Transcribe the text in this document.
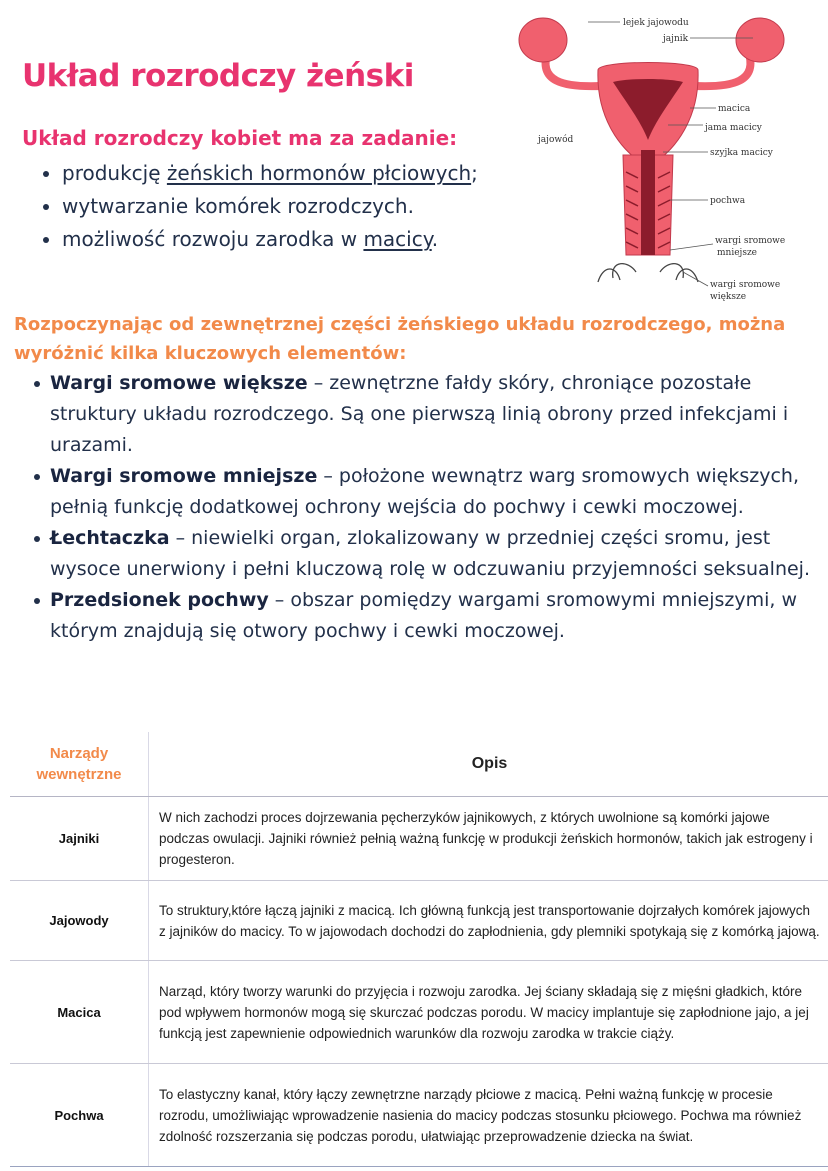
Układ rozrodczy żeński
Układ rozrodczy kobiet ma za zadanie:
produkcję żeńskich hormonów płciowych;
wytwarzanie komórek rozrodczych.
możliwość rozwoju zarodka w macicy.
lejek jajowodu
jajnik
jajowód
macica
jama macicy
szyjka macicy
pochwa
wargi sromowe
mniejsze
wargi sromowe
większe
Rozpoczynając od zewnętrznej części żeńskiego układu rozrodczego, można wyróżnić kilka kluczowych elementów:
Wargi sromowe większe – zewnętrzne fałdy skóry, chroniące pozostałe struktury układu rozrodczego. Są one pierwszą linią obrony przed infekcjami i urazami.
Wargi sromowe mniejsze – położone wewnątrz warg sromowych większych, pełnią funkcję dodatkowej ochrony wejścia do pochwy i cewki moczowej.
Łechtaczka – niewielki organ, zlokalizowany w przedniej części sromu, jest wysoce unerwiony i pełni kluczową rolę w odczuwaniu przyjemności seksualnej.
Przedsionek pochwy – obszar pomiędzy wargami sromowymi mniejszymi, w którym znajdują się otwory pochwy i cewki moczowej.
Narządy wewnętrzne	Opis
Jajniki	W nich zachodzi proces dojrzewania pęcherzyków jajnikowych, z których uwolnione są komórki jajowe podczas owulacji. Jajniki również pełnią ważną funkcję w produkcji żeńskich hormonów, takich jak estrogeny i progesteron.
Jajowody	To struktury,które łączą jajniki z macicą. Ich główną funkcją jest transportowanie dojrzałych komórek jajowych z jajników do macicy. To w jajowodach dochodzi do zapłodnienia, gdy plemniki spotykają się z komórką jajową.
Macica	Narząd, który tworzy warunki do przyjęcia i rozwoju zarodka. Jej ściany składają się z mięśni gładkich, które pod wpływem hormonów mogą się skurczać podczas porodu. W macicy implantuje się zapłodnione jajo, a jej funkcją jest zapewnienie odpowiednich warunków dla rozwoju zarodka w trakcie ciąży.
Pochwa	To elastyczny kanał, który łączy zewnętrzne narządy płciowe z macicą. Pełni ważną funkcję w procesie rozrodu, umożliwiając wprowadzenie nasienia do macicy podczas stosunku płciowego. Pochwa ma również zdolność rozszerzania się podczas porodu, ułatwiając przeprowadzenie dziecka na świat.
